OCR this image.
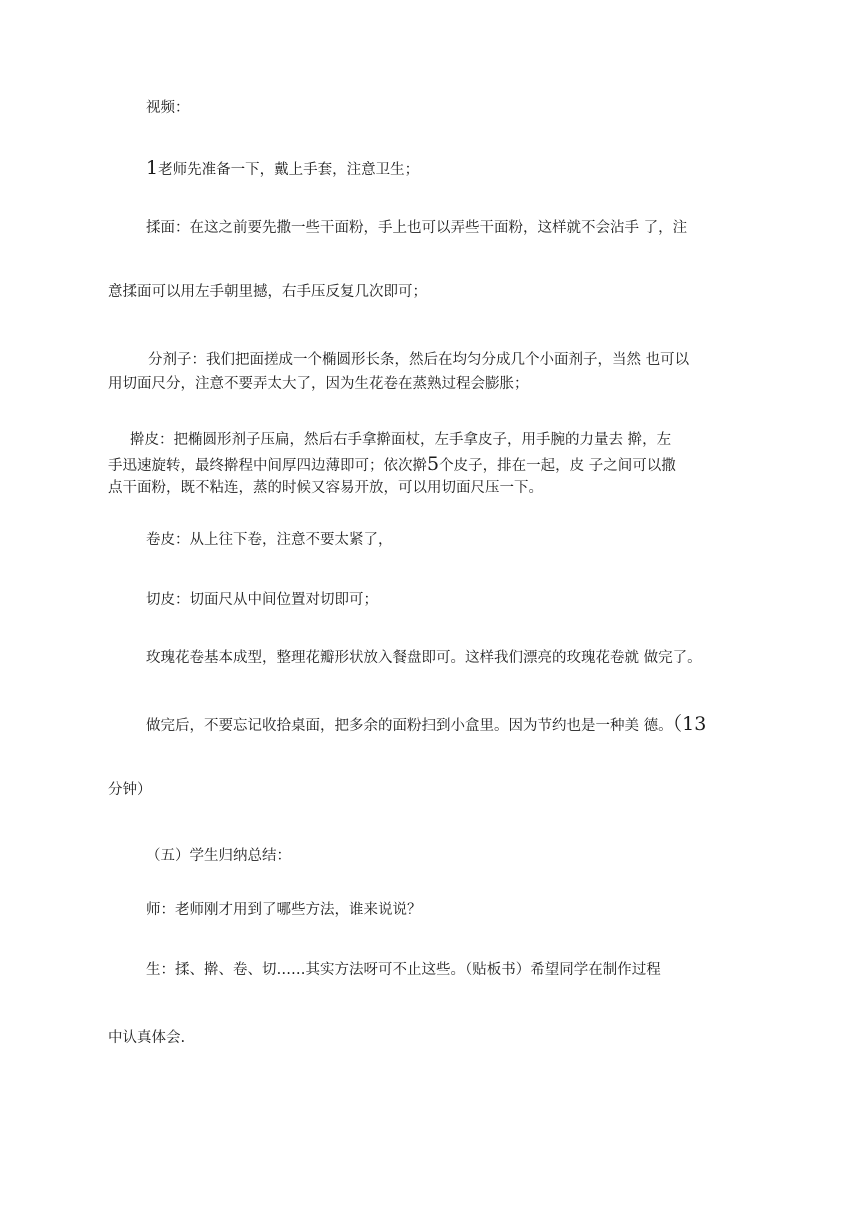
视频：

1老师先准备一下，戴上手套，注意卫生；

揉面：在这之前要先撒一些干面粉，手上也可以弄些干面粉，这样就不会沾手 了，注

意揉面可以用左手朝里撼，右手压反复几次即可；

分剂子：我们把面搓成一个椭圆形长条，然后在均匀分成几个小面剂子，当然 也可以

用切面尺分，注意不要弄太大了，因为生花卷在蒸熟过程会膨胀；

擀皮：把椭圆形剂子压扁，然后右手拿擀面杖，左手拿皮子，用手腕的力量去 擀，左

手迅速旋转，最终擀程中间厚四边薄即可；依次擀5个皮子，排在一起，皮 子之间可以撒

点干面粉，既不粘连，蒸的时候又容易开放，可以用切面尺压一下。

卷皮：从上往下卷，注意不要太紧了，

切皮：切面尺从中间位置对切即可；

玫瑰花卷基本成型，整理花瓣形状放入餐盘即可。这样我们漂亮的玫瑰花卷就 做完了。

做完后，不要忘记收拾桌面，把多余的面粉扫到小盒里。因为节约也是一种美 德。（13

分钟）

（五）学生归纳总结：

师：老师刚才用到了哪些方法，谁来说说？

生：揉、擀、卷、切……其实方法呀可不止这些。（贴板书）希望同学在制作过程

中认真体会.
